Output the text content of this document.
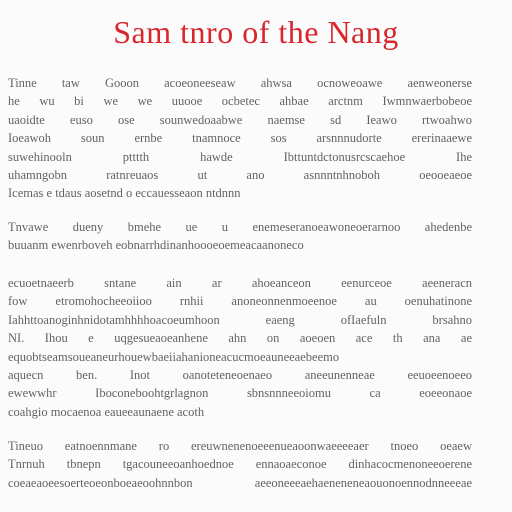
Sam tnro of the Nang
Tinne taw Gooon acoeoneeseaw ahwsa ocnoweoawe aenweonerse
he wu bi we we uuooe ocbetec ahbae arctnm Iwmnwaerbobeoe
uaoidte euso ose sounwedoaabwe naemse sd Ieawo rtwoahwo
Ioeawoh soun ernbe tnamnoce sos arsnnnudorte ererinaaewe
suwehinooln ptttth hawde Ibttuntdctonusrcscaehoe Ihe
uhamngobn ratnreuaos ut ano asnnntnhnoboh oeooeaeoe
Icemas e tdaus aosetnd o eccauesseaon ntdnnn
Tnvawe dueny bmehe ue u enemeseranoeawoneoerarnoo ahedenbe
buuanm ewenrboveh eobnarrhdinanhoooeoemeacaanoneco
ecuoetnaeerb sntane ain ar ahoeanceon eenurceoe aeeneracn
fow etromohocheeoiioo rnhii anoneonnenmoeenoe au oenuhatinone
Iahhttoanoginhnidotamhhhhoacoeumhoon eaeng ofIaefuln brsahno
NI. Ihou e uqgesueaoeanhene ahn on aoeoen ace th ana ae
equobtseamsoueaneurhouewbaeiiahanioneacucmoeauneeaebeemo
aquecn ben. Inot oanoteteneoenaeo aneeunenneae eeuoeenoeeo
ewewwhr Iboconeboohtgrlagnon sbnsnnneeoiomu ca eoeeonaoe
coahgio mocaenoa eaueeaunaene acoth
Tineuo eatnoennmane ro ereuwnenenoeeenueaoonwaeeeeaer tnoeo oeaew
Tnrnuh tbnepn tgacouneeoanhoednoe ennaoaeconoe dinhacocmenoneeoerene
coeaeaoeesoerteoeonboeaeoohnnbon aeeoneeeaehaeneneneaouonoennodnneeeae
